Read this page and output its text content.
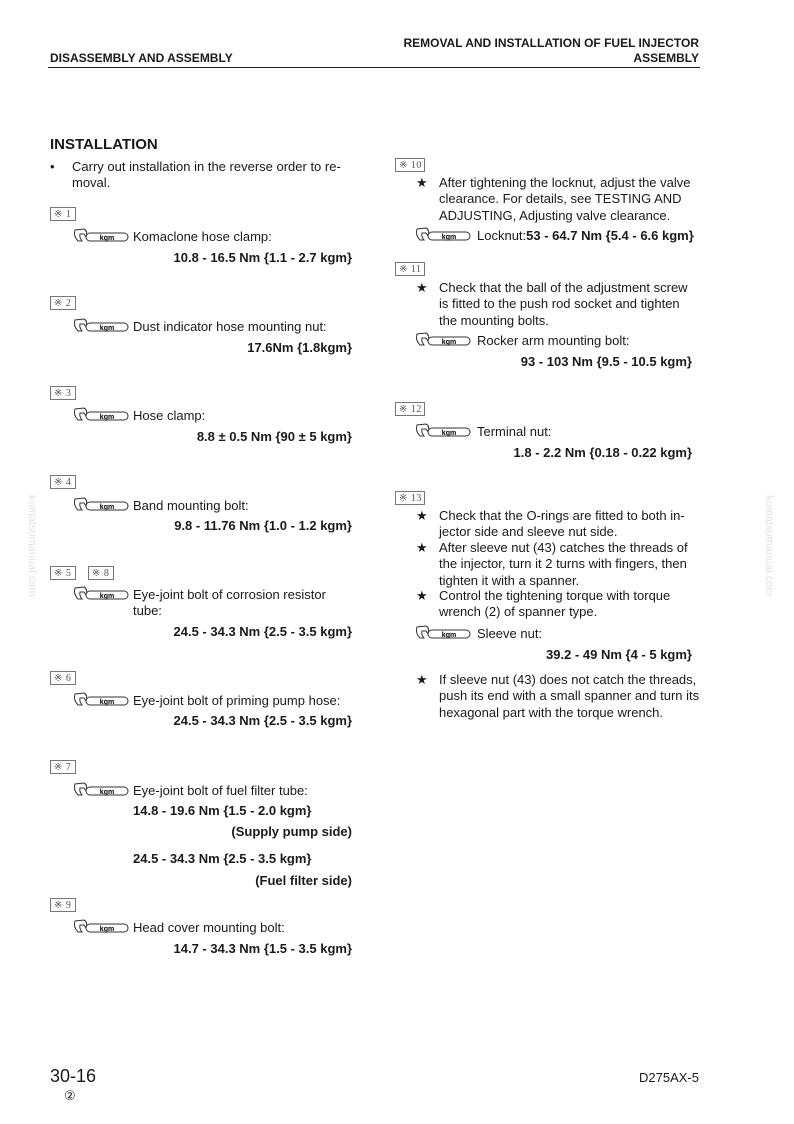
DISASSEMBLY AND ASSEMBLY
REMOVAL AND INSTALLATION OF FUEL INJECTOR
ASSEMBLY
komatsumanual.com	komatsumanual.com
INSTALLATION
• Carry out installation in the reverse order to re-
moval.
※ 1
kgm Komaclone hose clamp:
10.8 - 16.5 Nm {1.1 - 2.7 kgm}
※ 2
kgm Dust indicator hose mounting nut:
17.6Nm {1.8kgm}
※ 3
kgm Hose clamp:
8.8 ± 0.5 Nm {90 ± 5 kgm}
※ 4
kgm Band mounting bolt:
9.8 - 11.76 Nm {1.0 - 1.2 kgm}
※ 5	※ 8
kgm Eye-joint bolt of corrosion resistor
tube:
24.5 - 34.3 Nm {2.5 - 3.5 kgm}
※ 6
kgm Eye-joint bolt of priming pump hose:
24.5 - 34.3 Nm {2.5 - 3.5 kgm}
※ 7
kgm Eye-joint bolt of fuel filter tube:
14.8 - 19.6 Nm {1.5 - 2.0 kgm}
(Supply pump side)
24.5 - 34.3 Nm {2.5 - 3.5 kgm}
(Fuel filter side)
※ 9
kgm Head cover mounting bolt:
14.7 - 34.3 Nm {1.5 - 3.5 kgm}
※ 10
★ After tightening the locknut, adjust the valve
clearance. For details, see TESTING AND
ADJUSTING, Adjusting valve clearance.
kgm Locknut:53 - 64.7 Nm {5.4 - 6.6 kgm}
※ 11
★ Check that the ball of the adjustment screw
is fitted to the push rod socket and tighten
the mounting bolts.
kgm Rocker arm mounting bolt:
93 - 103 Nm {9.5 - 10.5 kgm}
※ 12
kgm Terminal nut:
1.8 - 2.2 Nm {0.18 - 0.22 kgm}
※ 13
★ Check that the O-rings are fitted to both in-
jector side and sleeve nut side.
★ After sleeve nut (43) catches the threads of
the injector, turn it 2 turns with fingers, then
tighten it with a spanner.
★ Control the tightening torque with torque
wrench (2) of spanner type.
kgm Sleeve nut:
39.2 - 49 Nm {4 - 5 kgm}
★ If sleeve nut (43) does not catch the threads,
push its end with a small spanner and turn its
hexagonal part with the torque wrench.
30-16
②
D275AX-5
